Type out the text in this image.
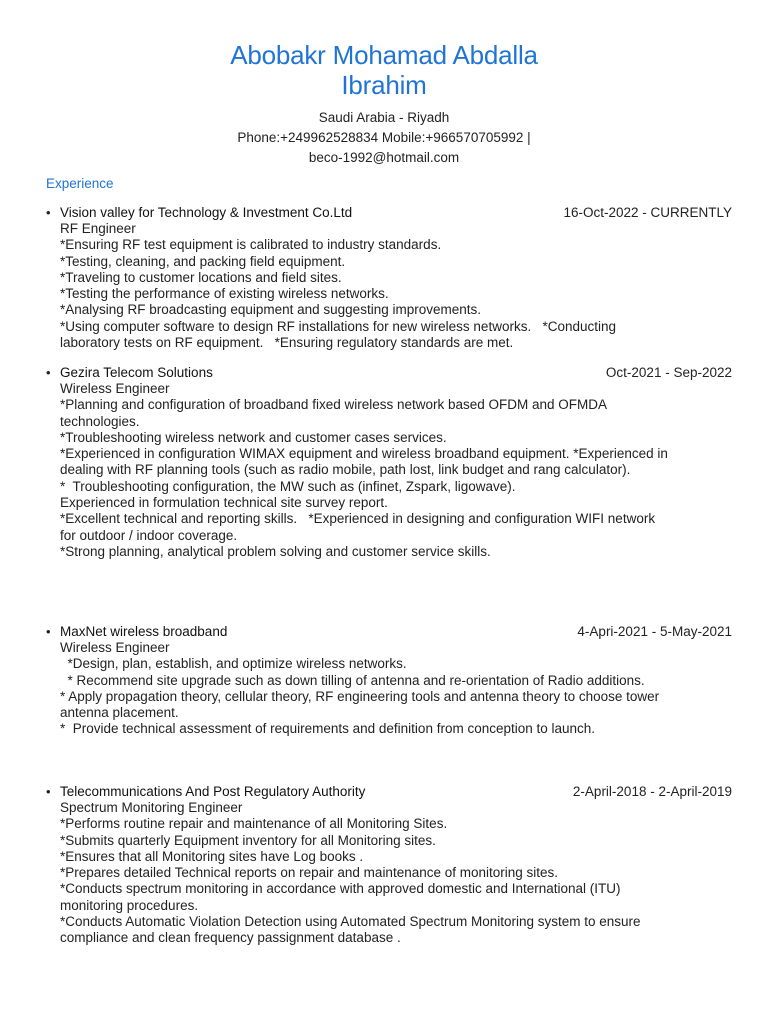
Abobakr Mohamad Abdalla
Ibrahim
Saudi Arabia - Riyadh
Phone:+249962528834 Mobile:+966570705992 |
beco-1992@hotmail.com
Experience
• Vision valley for Technology & Investment Co.Ltd	16-Oct-2022 - CURRENTLY
RF Engineer
*Ensuring RF test equipment is calibrated to industry standards.
*Testing, cleaning, and packing field equipment.
*Traveling to customer locations and field sites.
*Testing the performance of existing wireless networks.
*Analysing RF broadcasting equipment and suggesting improvements.
*Using computer software to design RF installations for new wireless networks.   *Conducting
laboratory tests on RF equipment.   *Ensuring regulatory standards are met.
• Gezira Telecom Solutions	Oct-2021 - Sep-2022
Wireless Engineer
*Planning and configuration of broadband fixed wireless network based OFDM and OFMDA
technologies.
*Troubleshooting wireless network and customer cases services.
*Experienced in configuration WIMAX equipment and wireless broadband equipment. *Experienced in
dealing with RF planning tools (such as radio mobile, path lost, link budget and rang calculator).
*  Troubleshooting configuration, the MW such as (infinet, Zspark, ligowave).
Experienced in formulation technical site survey report.
*Excellent technical and reporting skills.   *Experienced in designing and configuration WIFI network
for outdoor / indoor coverage.
*Strong planning, analytical problem solving and customer service skills.
• MaxNet wireless broadband	4-Apri-2021 - 5-May-2021
Wireless Engineer
*Design, plan, establish, and optimize wireless networks.
* Recommend site upgrade such as down tilling of antenna and re-orientation of Radio additions.
* Apply propagation theory, cellular theory, RF engineering tools and antenna theory to choose tower
antenna placement.
*  Provide technical assessment of requirements and definition from conception to launch.
• Telecommunications And Post Regulatory Authority	2-April-2018 - 2-April-2019
Spectrum Monitoring Engineer
*Performs routine repair and maintenance of all Monitoring Sites.
*Submits quarterly Equipment inventory for all Monitoring sites.
*Ensures that all Monitoring sites have Log books .
*Prepares detailed Technical reports on repair and maintenance of monitoring sites.
*Conducts spectrum monitoring in accordance with approved domestic and International (ITU)
monitoring procedures.
*Conducts Automatic Violation Detection using Automated Spectrum Monitoring system to ensure
compliance and clean frequency passignment database .
